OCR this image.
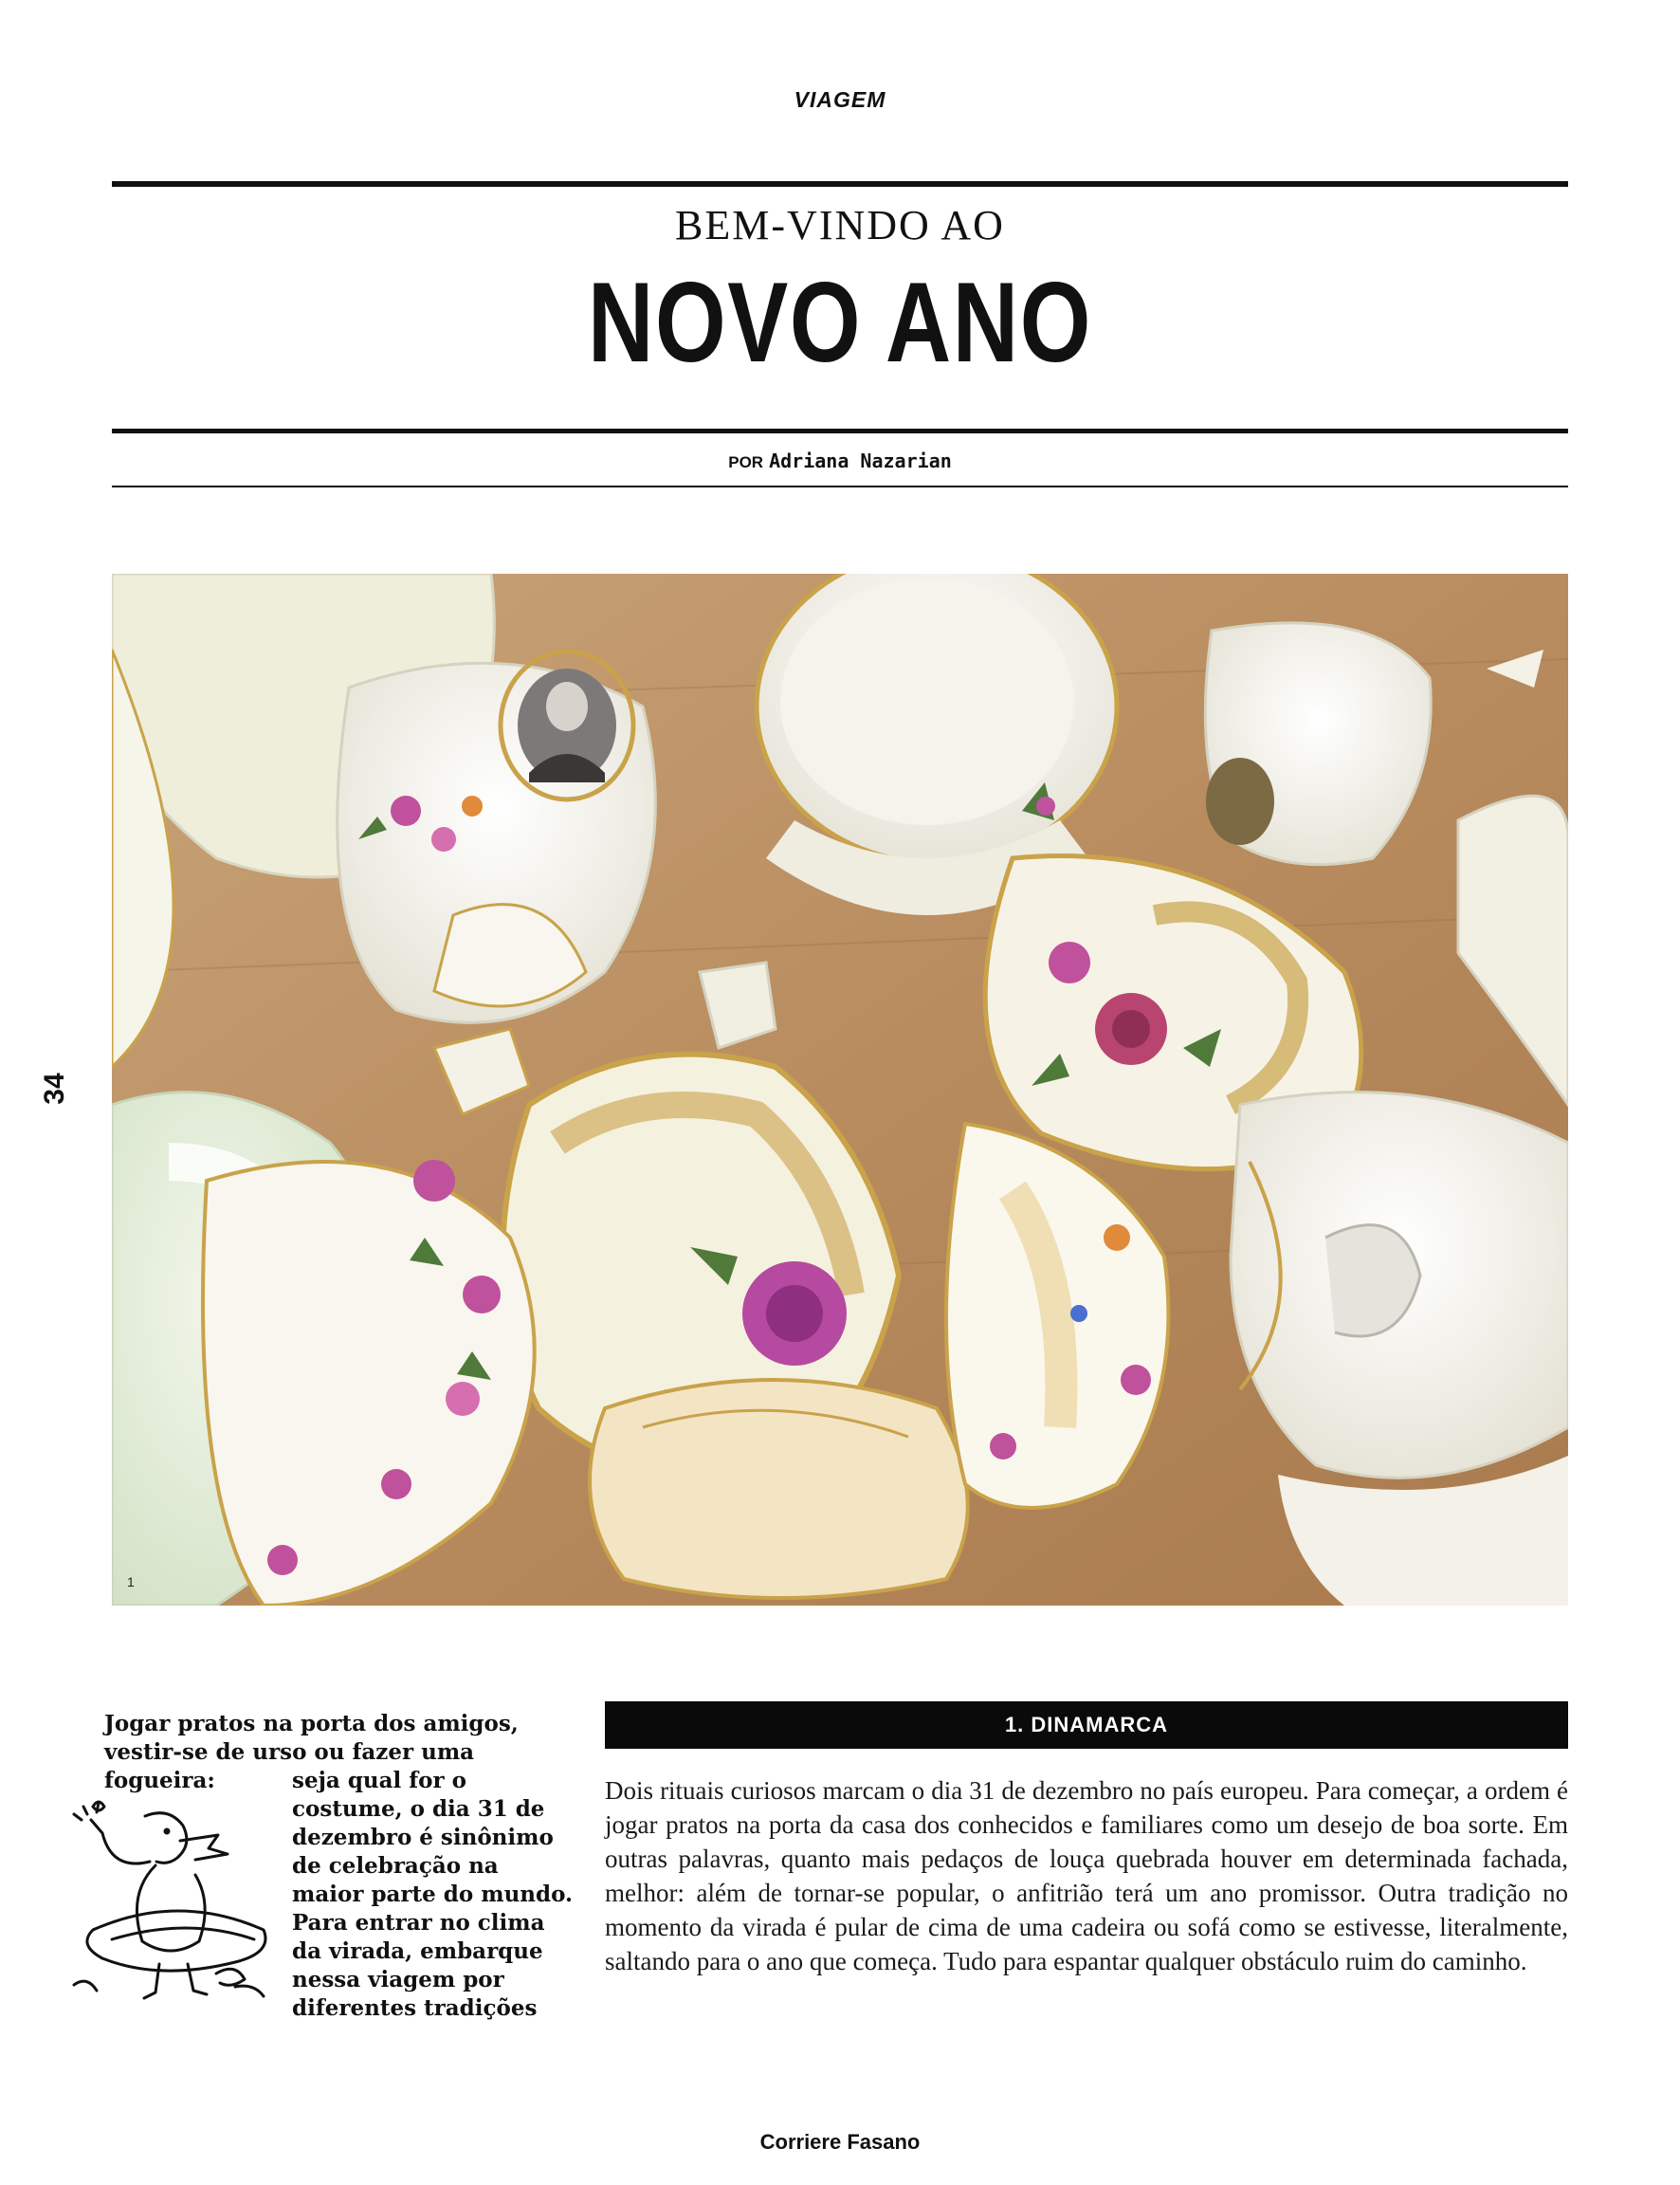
VIAGEM
BEM-VINDO AO
NOVO ANO
POR Adriana Nazarian
34
1
Jogar pratos na porta dos amigos, vestir-se de urso ou fazer uma fogueira:	seja qual for o costume, o dia 31 de dezembro é sinônimo de celebração na maior parte do mundo. Para entrar no clima da virada, embarque nessa viagem por diferentes tradições
1. DINAMARCA
Dois rituais curiosos marcam o dia 31 de dezembro no país europeu. Para começar, a ordem é jogar pratos na porta da casa dos conhecidos e familiares como um desejo de boa sorte. Em outras palavras, quanto mais pedaços de louça quebrada houver em determinada fachada, melhor: além de tornar-se popular, o anfitrião terá um ano promissor. Outra tradição no momento da virada é pular de cima de uma cadeira ou sofá como se estivesse, literalmente, saltando para o ano que começa. Tudo para espantar qualquer obstáculo ruim do caminho.
Corriere Fasano
